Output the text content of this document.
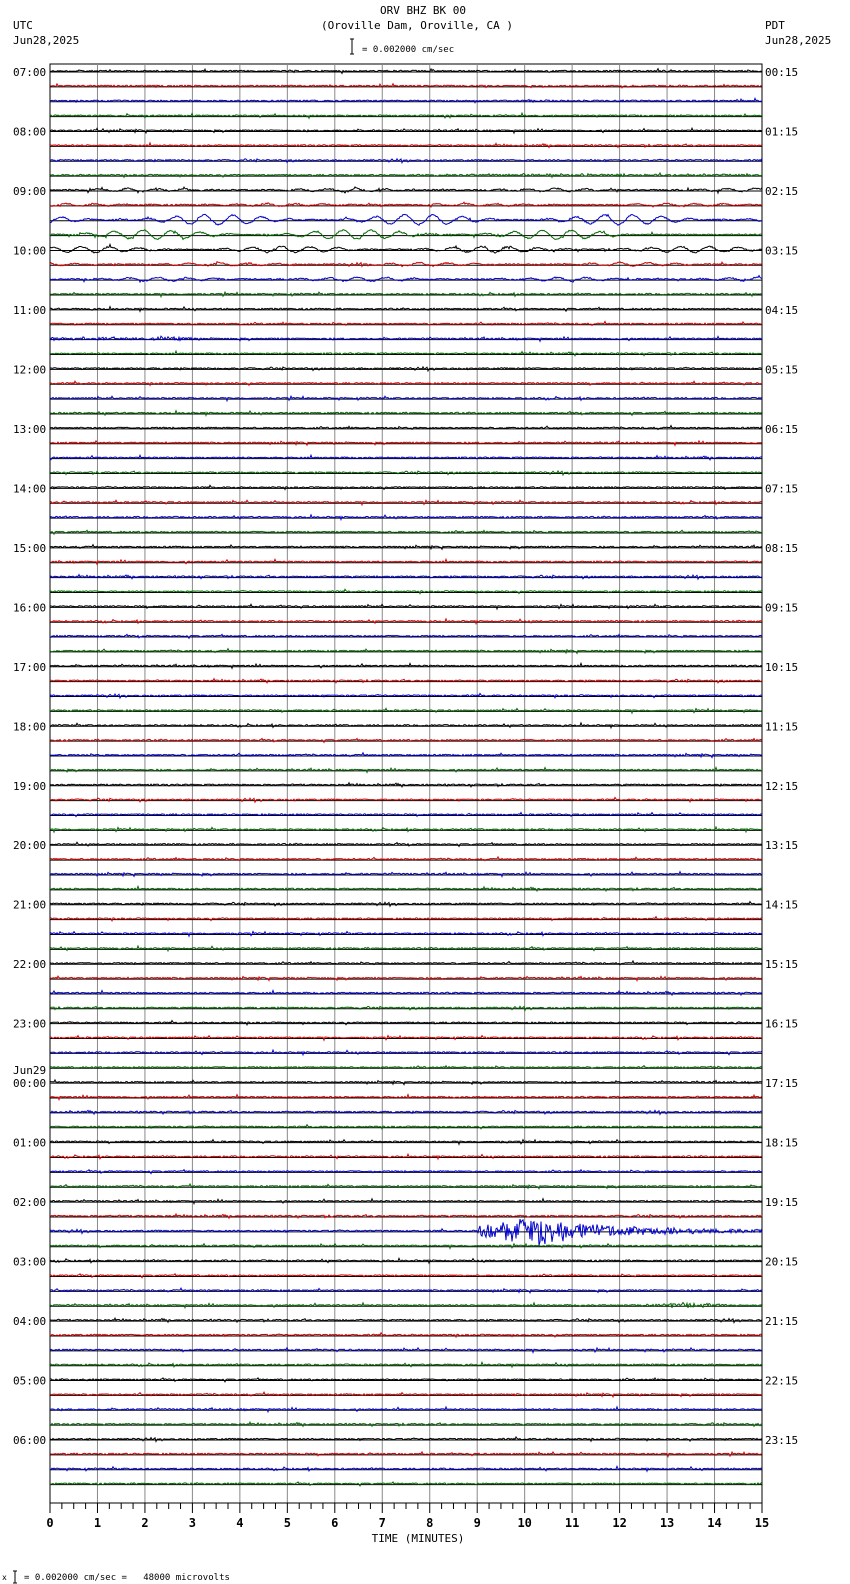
ORV BHZ BK 00
(Oroville Dam, Oroville, CA )
UTC
Jun28,2025
PDT
Jun28,2025
= 0.002000 cm/sec
07:00
08:00
09:00
10:00
11:00
12:00
13:00
14:00
15:00
16:00
17:00
18:00
19:00
20:00
21:00
22:00
23:00
00:00
Jun29
01:00
02:00
03:00
04:00
05:00
06:00
00:15
01:15
02:15
03:15
04:15
05:15
06:15
07:15
08:15
09:15
10:15
11:15
12:15
13:15
14:15
15:15
16:15
17:15
18:15
19:15
20:15
21:15
22:15
23:15
0	1	2	3	4	5	6	7	8	9	10	11	12	13	14	15
TIME (MINUTES)
x = 0.002000 cm/sec =   48000 microvolts
